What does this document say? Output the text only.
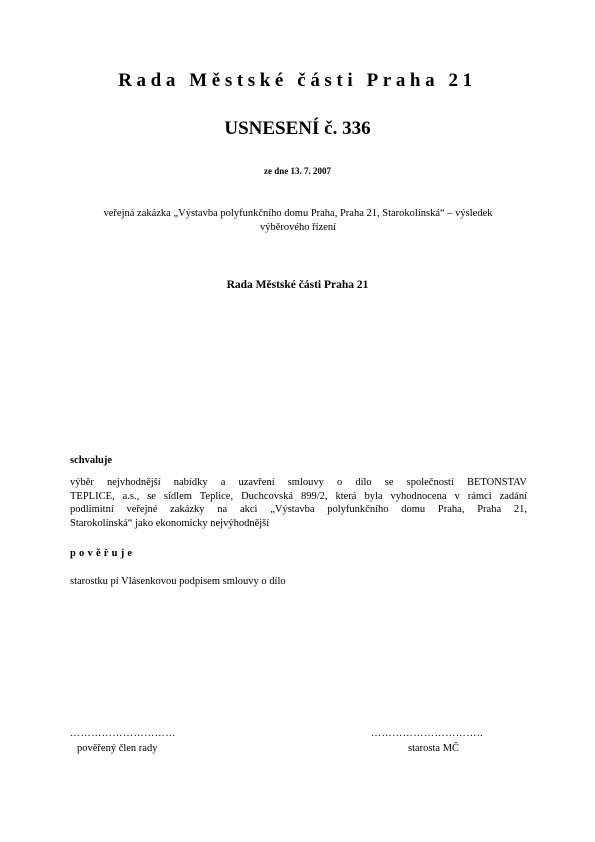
Rada Městské části Praha 21
USNESENÍ č. 336
ze dne 13. 7. 2007
veřejná zakázka „Výstavba polyfunkčního domu Praha, Praha 21, Starokolínská“ – výsledek
výběrového řízení
Rada Městské části Praha 21
schvaluje
výběr nejvhodnější nabídky a uzavření smlouvy o dílo se společností BETONSTAV
TEPLICE, a.s., se sídlem Teplice, Duchcovská 899/2, která byla vyhodnocena v rámci zadání
podlimitní veřejné zakázky na akci „Výstavba polyfunkčního domu Praha, Praha 21,
Starokolínská“ jako ekonomicky nejvýhodnější
pověřuje
starostku pí Vlásenkovou podpisem smlouvy o dílo
…………………………	…………………………..
pověřený člen rady	starosta MČ
